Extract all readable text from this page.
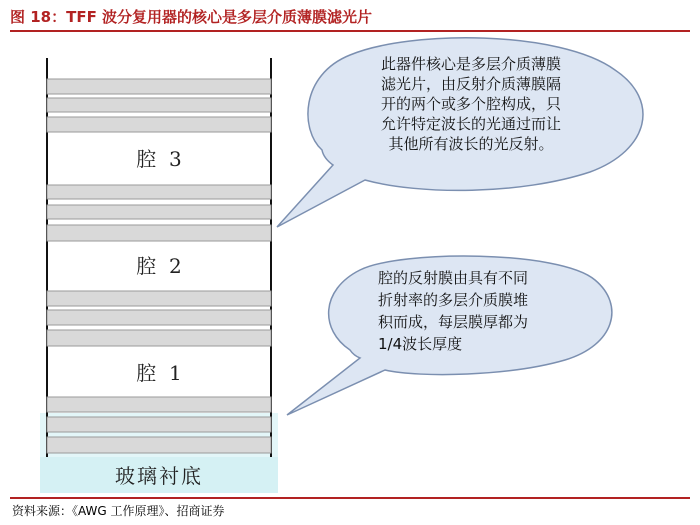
图 18：TFF 波分复用器的核心是多层介质薄膜滤光片
腔  3
腔  2
腔  1
玻璃衬底
此器件核心是多层介质薄膜
滤光片，由反射介质薄膜隔
开的两个或多个腔构成，只
允许特定波长的光通过而让
其他所有波长的光反射。
腔的反射膜由具有不同
折射率的多层介质膜堆
积而成，每层膜厚都为
1/4波长厚度
资料来源：《AWG 工作原理》、招商证券
